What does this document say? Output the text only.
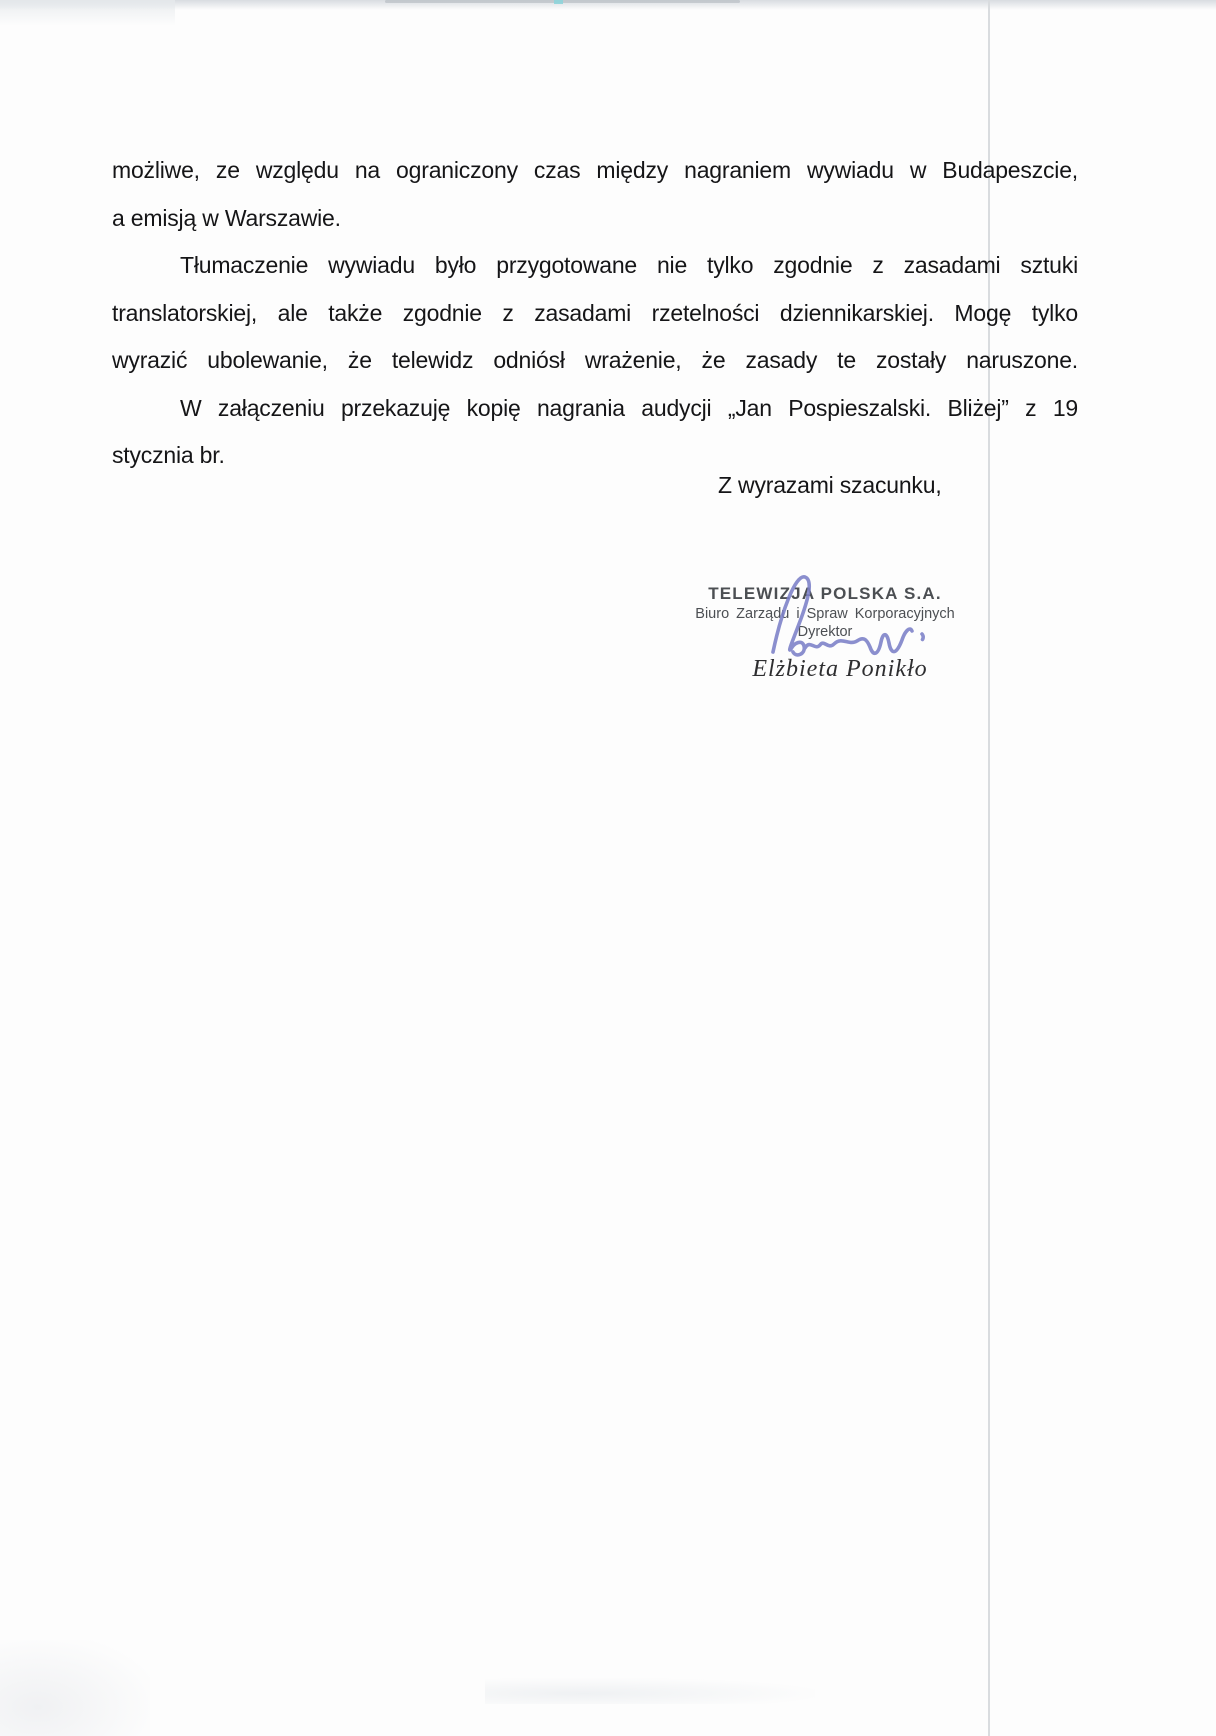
możliwe, ze względu na ograniczony czas między nagraniem wywiadu w Budapeszcie,
a emisją w Warszawie.
Tłumaczenie wywiadu było przygotowane nie tylko zgodnie z zasadami sztuki
translatorskiej, ale także zgodnie z zasadami rzetelności dziennikarskiej. Mogę tylko
wyrazić ubolewanie, że telewidz odniósł wrażenie, że zasady te zostały naruszone.
W załączeniu przekazuję kopię nagrania audycji „Jan Pospieszalski. Bliżej” z 19
stycznia br.
Z wyrazami szacunku,
TELEWIZJA POLSKA S.A.
Biuro Zarządu i Spraw Korporacyjnych
Dyrektor
Elżbieta Ponikło
